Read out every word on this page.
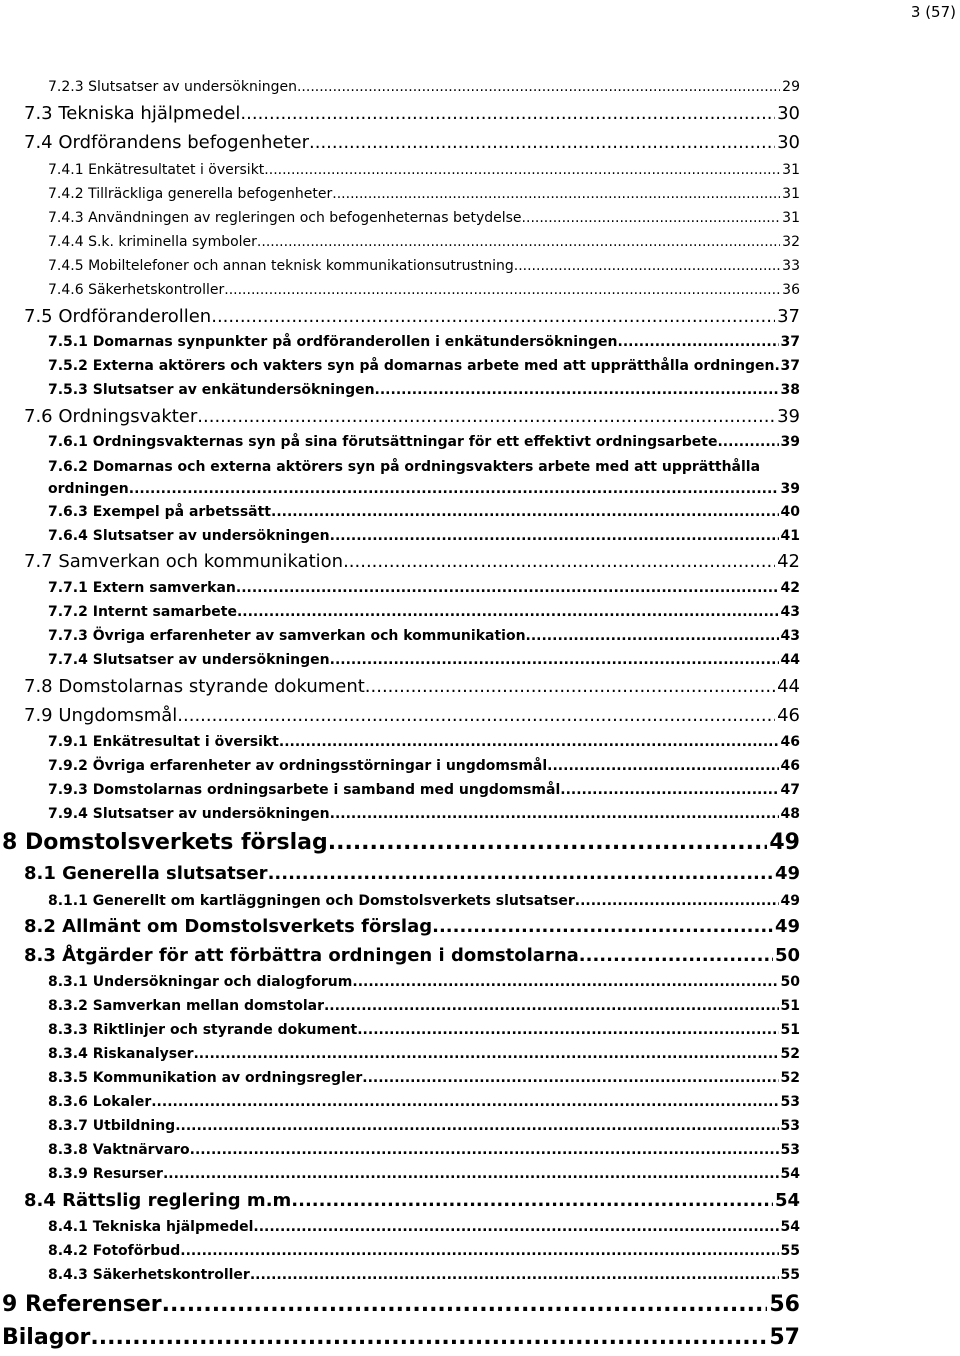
3 (57)
7.2.3 Slutsatser av undersökningen .....	29
7.3 Tekniska hjälpmedel .....	30
7.4 Ordförandens befogenheter .....	30
7.4.1 Enkätresultatet i översikt .....	31
7.4.2 Tillräckliga generella befogenheter .....	31
7.4.3 Användningen av regleringen och befogenheternas betydelse .....	31
7.4.4 S.k. kriminella symboler .....	32
7.4.5 Mobiltelefoner och annan teknisk kommunikationsutrustning .....	33
7.4.6 Säkerhetskontroller .....	36
7.5 Ordföranderollen .....	37
7.5.1 Domarnas synpunkter på ordföranderollen i enkätundersökningen .....	37
7.5.2 Externa aktörers och vakters syn på domarnas arbete med att upprätthålla ordningen ..... 37
7.5.3 Slutsatser av enkätundersökningen .....	38
7.6 Ordningsvakter .....	39
7.6.1 Ordningsvakternas syn på sina förutsättningar för ett effektivt ordningsarbete .....	39
7.6.2 Domarnas och externa aktörers syn på ordningsvakters arbete med att upprätthålla
ordningen .....	39
7.6.3 Exempel på arbetssätt .....	40
7.6.4 Slutsatser av undersökningen .....	41
7.7 Samverkan och kommunikation .....	42
7.7.1 Extern samverkan .....	42
7.7.2 Internt samarbete .....	43
7.7.3 Övriga erfarenheter av samverkan och kommunikation .....	43
7.7.4 Slutsatser av undersökningen .....	44
7.8 Domstolarnas styrande dokument .....	44
7.9 Ungdomsmål .....	46
7.9.1 Enkätresultat i översikt .....	46
7.9.2 Övriga erfarenheter av ordningsstörningar i ungdomsmål .....	46
7.9.3 Domstolarnas ordningsarbete i samband med ungdomsmål .....	47
7.9.4 Slutsatser av undersökningen .....	48
8 Domstolsverkets förslag .....	49
8.1 Generella slutsatser .....	49
8.1.1 Generellt om kartläggningen och Domstolsverkets slutsatser .....	49
8.2 Allmänt om Domstolsverkets förslag .....	49
8.3 Åtgärder för att förbättra ordningen i domstolarna .....	50
8.3.1 Undersökningar och dialogforum .....	50
8.3.2 Samverkan mellan domstolar .....	51
8.3.3 Riktlinjer och styrande dokument .....	51
8.3.4 Riskanalyser .....	52
8.3.5 Kommunikation av ordningsregler .....	52
8.3.6 Lokaler .....	53
8.3.7 Utbildning .....	53
8.3.8 Vaktnärvaro .....	53
8.3.9 Resurser .....	54
8.4 Rättslig reglering m.m. .....	54
8.4.1 Tekniska hjälpmedel .....	54
8.4.2 Fotoförbud .....	55
8.4.3 Säkerhetskontroller .....	55
9 Referenser .....	56
Bilagor .....	57
